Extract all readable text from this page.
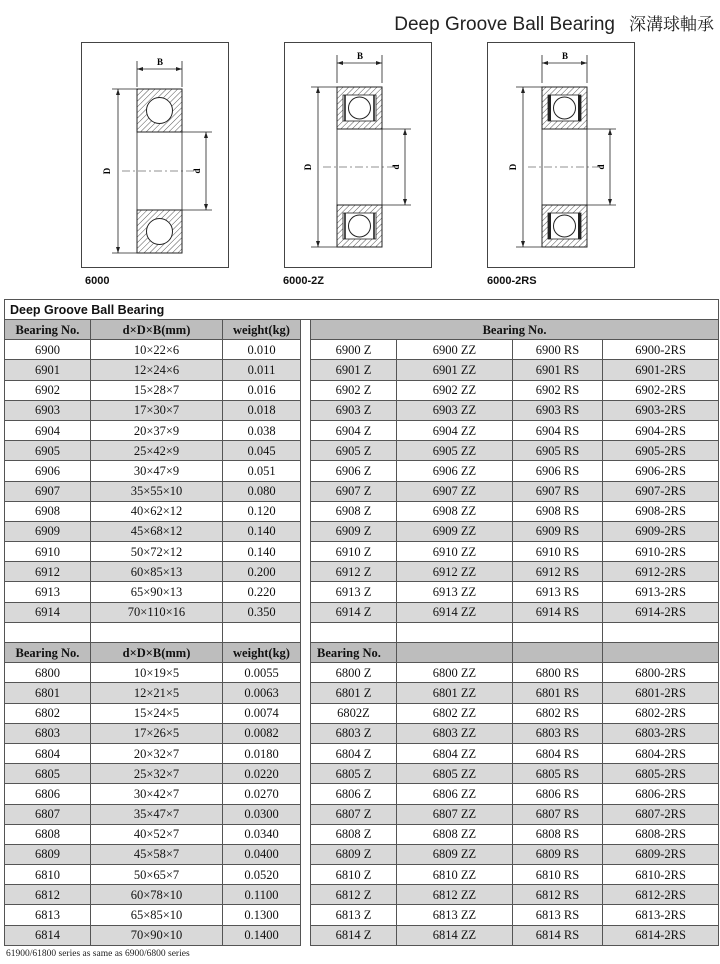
Deep Groove Ball Bearing 深溝球軸承
B
D	d
6000
B
D	d
6000-2Z
B
D	d
6000-2RS
Deep Groove Ball Bearing							
Bearing No.	d×D×B(mm)	weight(kg)		Bearing No.			
6900	10×22×6	0.010		6900 Z	6900 ZZ	6900 RS	6900-2RS
6901	12×24×6	0.011		6901 Z	6901 ZZ	6901 RS	6901-2RS
6902	15×28×7	0.016		6902 Z	6902 ZZ	6902 RS	6902-2RS
6903	17×30×7	0.018		6903 Z	6903 ZZ	6903 RS	6903-2RS
6904	20×37×9	0.038		6904 Z	6904 ZZ	6904 RS	6904-2RS
6905	25×42×9	0.045		6905 Z	6905 ZZ	6905 RS	6905-2RS
6906	30×47×9	0.051		6906 Z	6906 ZZ	6906 RS	6906-2RS
6907	35×55×10	0.080		6907 Z	6907 ZZ	6907 RS	6907-2RS
6908	40×62×12	0.120		6908 Z	6908 ZZ	6908 RS	6908-2RS
6909	45×68×12	0.140		6909 Z	6909 ZZ	6909 RS	6909-2RS
6910	50×72×12	0.140		6910 Z	6910 ZZ	6910 RS	6910-2RS
6912	60×85×13	0.200		6912 Z	6912 ZZ	6912 RS	6912-2RS
6913	65×90×13	0.220		6913 Z	6913 ZZ	6913 RS	6913-2RS
6914	70×110×16	0.350		6914 Z	6914 ZZ	6914 RS	6914-2RS

Bearing No.	d×D×B(mm)	weight(kg)		Bearing No.			
6800	10×19×5	0.0055		6800 Z	6800 ZZ	6800 RS	6800-2RS
6801	12×21×5	0.0063		6801 Z	6801 ZZ	6801 RS	6801-2RS
6802	15×24×5	0.0074		6802Z	6802 ZZ	6802 RS	6802-2RS
6803	17×26×5	0.0082		6803 Z	6803 ZZ	6803 RS	6803-2RS
6804	20×32×7	0.0180		6804 Z	6804 ZZ	6804 RS	6804-2RS
6805	25×32×7	0.0220		6805 Z	6805 ZZ	6805 RS	6805-2RS
6806	30×42×7	0.0270		6806 Z	6806 ZZ	6806 RS	6806-2RS
6807	35×47×7	0.0300		6807 Z	6807 ZZ	6807 RS	6807-2RS
6808	40×52×7	0.0340		6808 Z	6808 ZZ	6808 RS	6808-2RS
6809	45×58×7	0.0400		6809 Z	6809 ZZ	6809 RS	6809-2RS
6810	50×65×7	0.0520		6810 Z	6810 ZZ	6810 RS	6810-2RS
6812	60×78×10	0.1100		6812 Z	6812 ZZ	6812 RS	6812-2RS
6813	65×85×10	0.1300		6813 Z	6813 ZZ	6813 RS	6813-2RS
6814	70×90×10	0.1400		6814 Z	6814 ZZ	6814 RS	6814-2RS
61900/61800 series as same as 6900/6800 series
